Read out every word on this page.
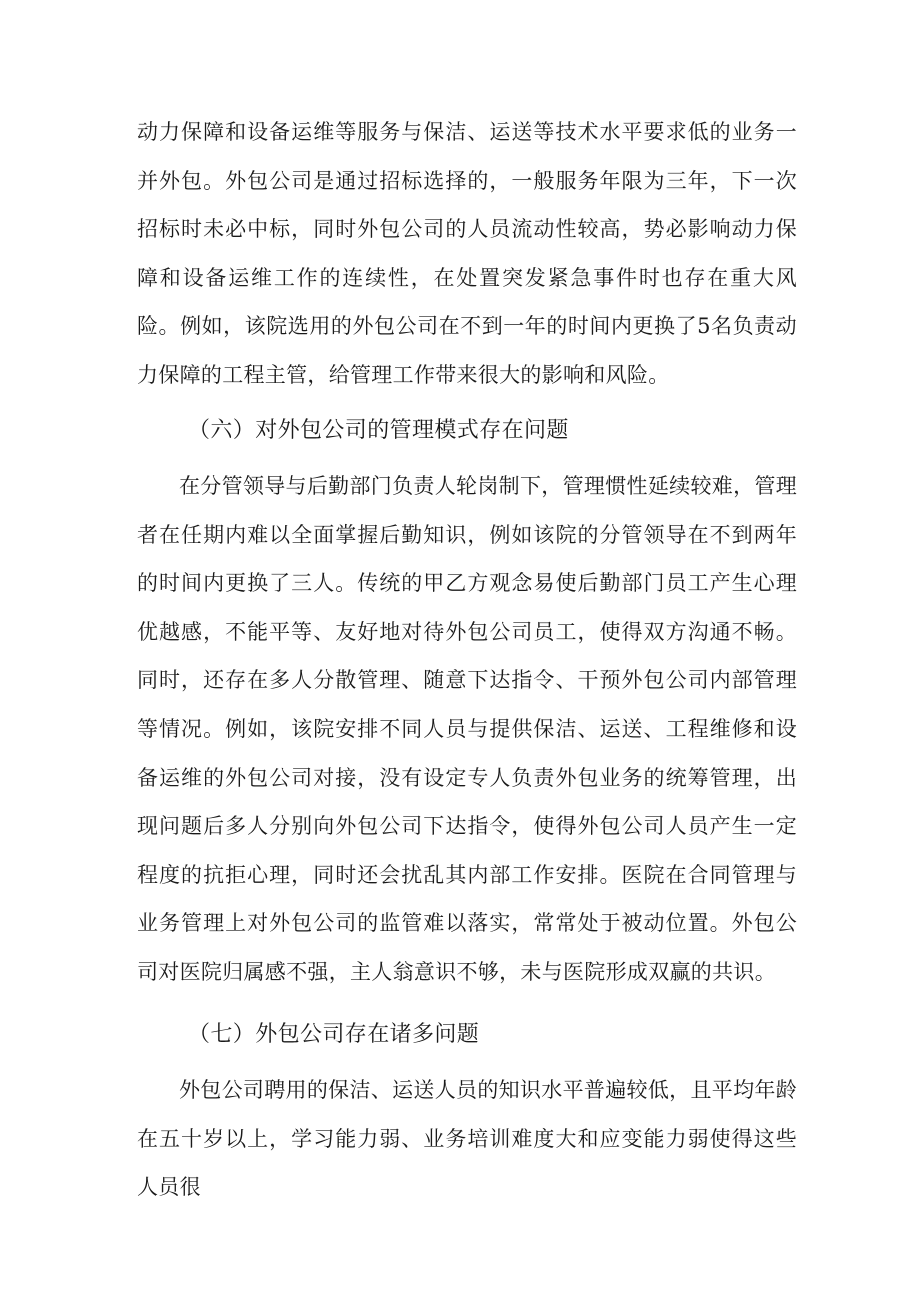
动力保障和设备运维等服务与保洁、运送等技术水平要求低的业务一并外包。外包公司是通过招标选择的，一般服务年限为三年，下一次招标时未必中标，同时外包公司的人员流动性较高，势必影响动力保障和设备运维工作的连续性，在处置突发紧急事件时也存在重大风险。例如，该院选用的外包公司在不到一年的时间内更换了5名负责动力保障的工程主管，给管理工作带来很大的影响和风险。

（六）对外包公司的管理模式存在问题

在分管领导与后勤部门负责人轮岗制下，管理惯性延续较难，管理者在任期内难以全面掌握后勤知识，例如该院的分管领导在不到两年的时间内更换了三人。传统的甲乙方观念易使后勤部门员工产生心理优越感，不能平等、友好地对待外包公司员工，使得双方沟通不畅。同时，还存在多人分散管理、随意下达指令、干预外包公司内部管理等情况。例如，该院安排不同人员与提供保洁、运送、工程维修和设备运维的外包公司对接，没有设定专人负责外包业务的统筹管理，出现问题后多人分别向外包公司下达指令，使得外包公司人员产生一定程度的抗拒心理，同时还会扰乱其内部工作安排。医院在合同管理与业务管理上对外包公司的监管难以落实，常常处于被动位置。外包公司对医院归属感不强，主人翁意识不够，未与医院形成双赢的共识。

（七）外包公司存在诸多问题

外包公司聘用的保洁、运送人员的知识水平普遍较低，且平均年龄在五十岁以上，学习能力弱、业务培训难度大和应变能力弱使得这些人员很
